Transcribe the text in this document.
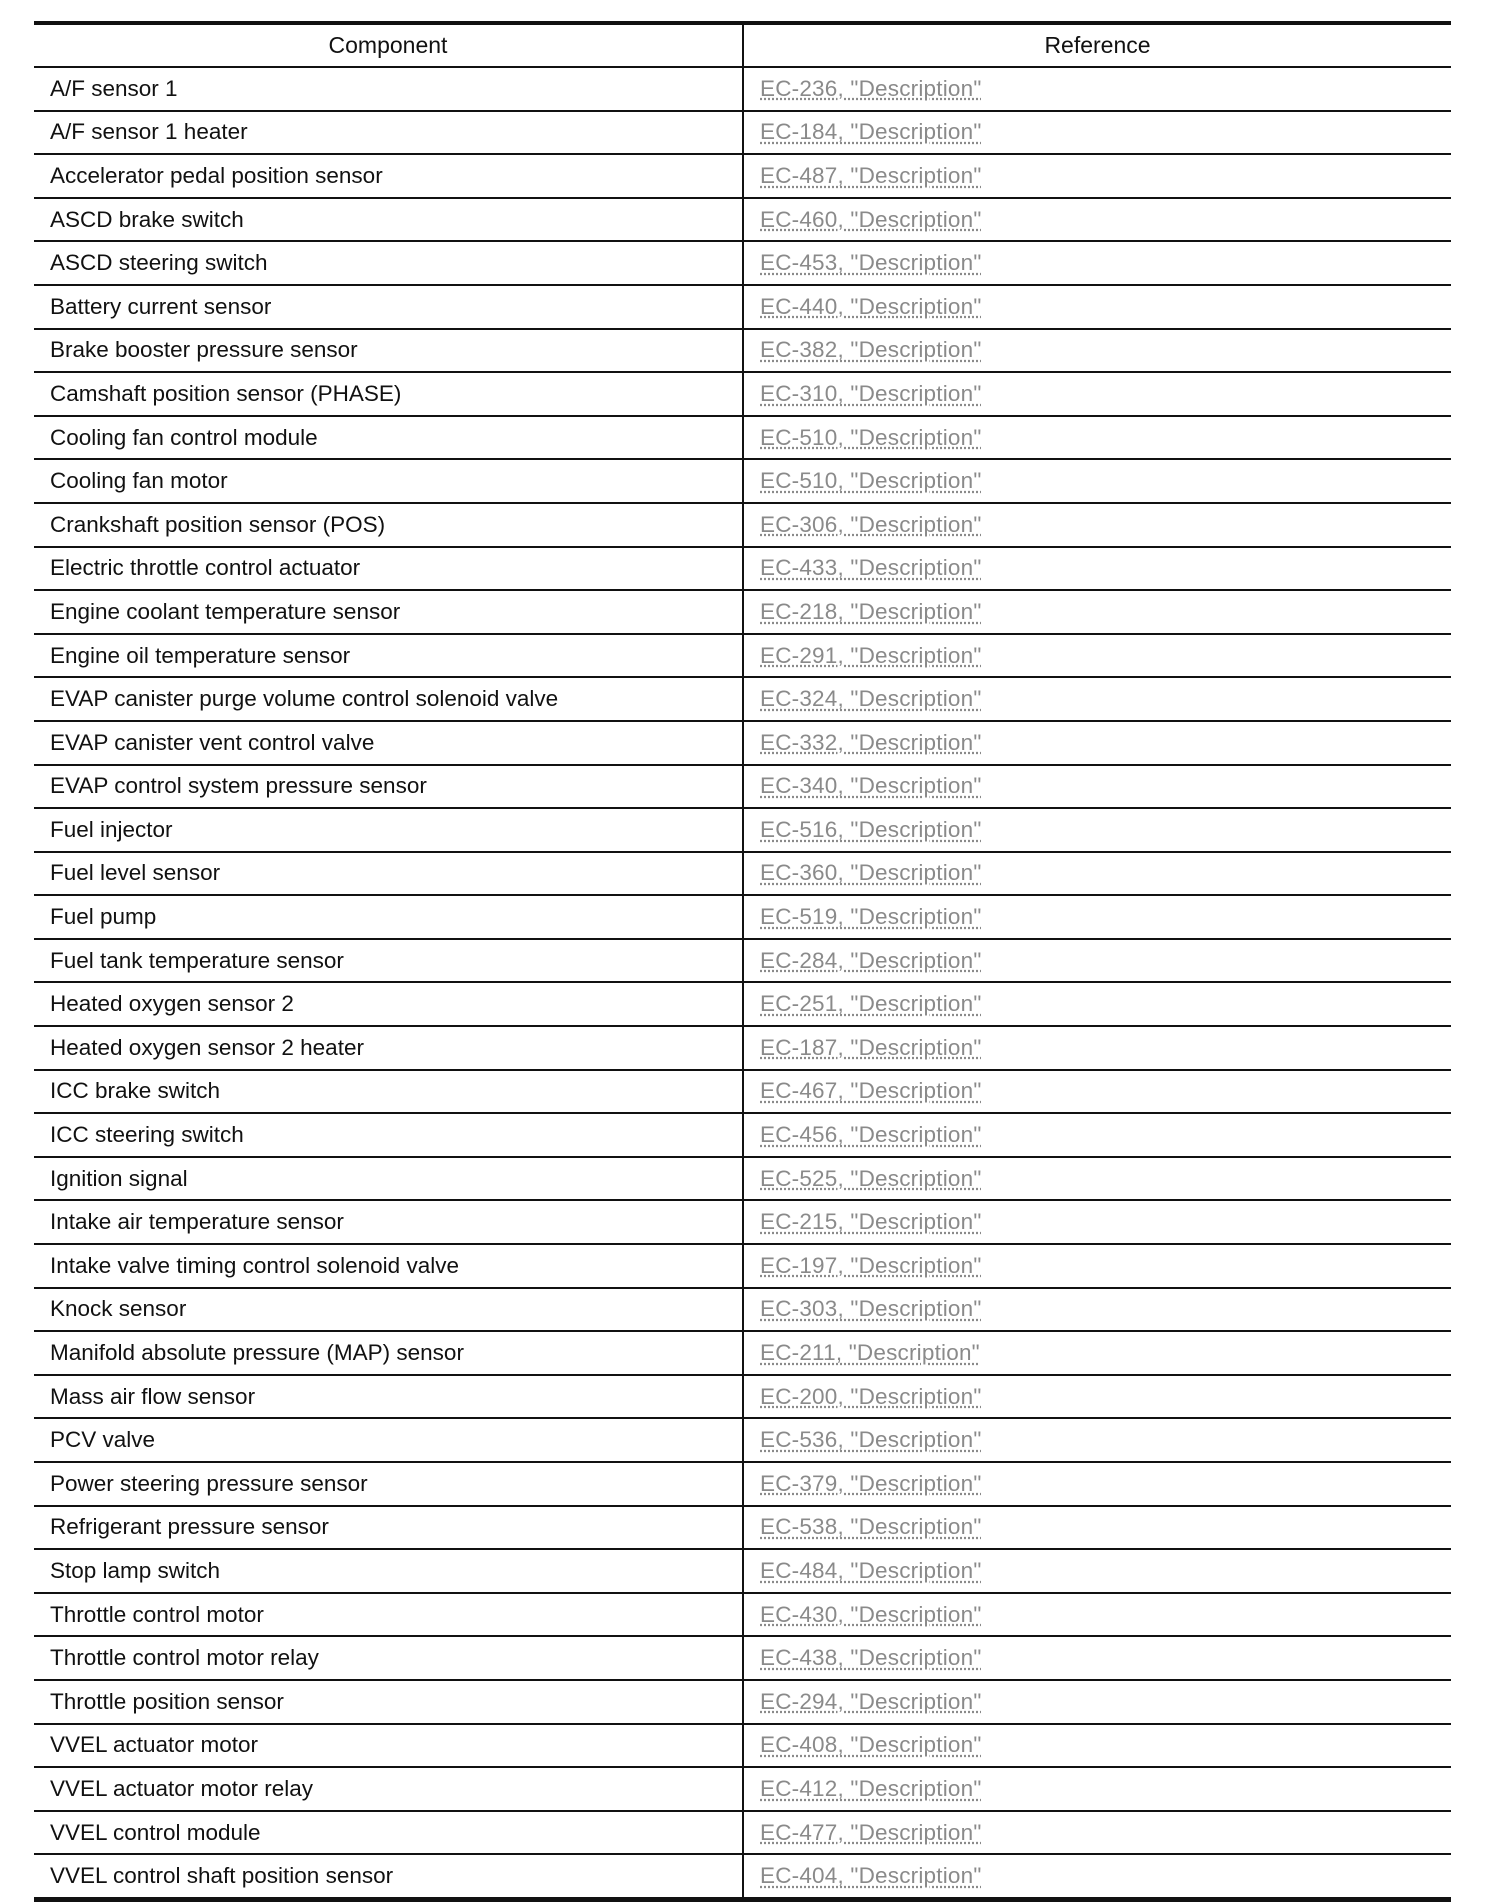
Component	Reference
A/F sensor 1	EC-236, "Description"
A/F sensor 1 heater	EC-184, "Description"
Accelerator pedal position sensor	EC-487, "Description"
ASCD brake switch	EC-460, "Description"
ASCD steering switch	EC-453, "Description"
Battery current sensor	EC-440, "Description"
Brake booster pressure sensor	EC-382, "Description"
Camshaft position sensor (PHASE)	EC-310, "Description"
Cooling fan control module	EC-510, "Description"
Cooling fan motor	EC-510, "Description"
Crankshaft position sensor (POS)	EC-306, "Description"
Electric throttle control actuator	EC-433, "Description"
Engine coolant temperature sensor	EC-218, "Description"
Engine oil temperature sensor	EC-291, "Description"
EVAP canister purge volume control solenoid valve	EC-324, "Description"
EVAP canister vent control valve	EC-332, "Description"
EVAP control system pressure sensor	EC-340, "Description"
Fuel injector	EC-516, "Description"
Fuel level sensor	EC-360, "Description"
Fuel pump	EC-519, "Description"
Fuel tank temperature sensor	EC-284, "Description"
Heated oxygen sensor 2	EC-251, "Description"
Heated oxygen sensor 2 heater	EC-187, "Description"
ICC brake switch	EC-467, "Description"
ICC steering switch	EC-456, "Description"
Ignition signal	EC-525, "Description"
Intake air temperature sensor	EC-215, "Description"
Intake valve timing control solenoid valve	EC-197, "Description"
Knock sensor	EC-303, "Description"
Manifold absolute pressure (MAP) sensor	EC-211, "Description"
Mass air flow sensor	EC-200, "Description"
PCV valve	EC-536, "Description"
Power steering pressure sensor	EC-379, "Description"
Refrigerant pressure sensor	EC-538, "Description"
Stop lamp switch	EC-484, "Description"
Throttle control motor	EC-430, "Description"
Throttle control motor relay	EC-438, "Description"
Throttle position sensor	EC-294, "Description"
VVEL actuator motor	EC-408, "Description"
VVEL actuator motor relay	EC-412, "Description"
VVEL control module	EC-477, "Description"
VVEL control shaft position sensor	EC-404, "Description"
